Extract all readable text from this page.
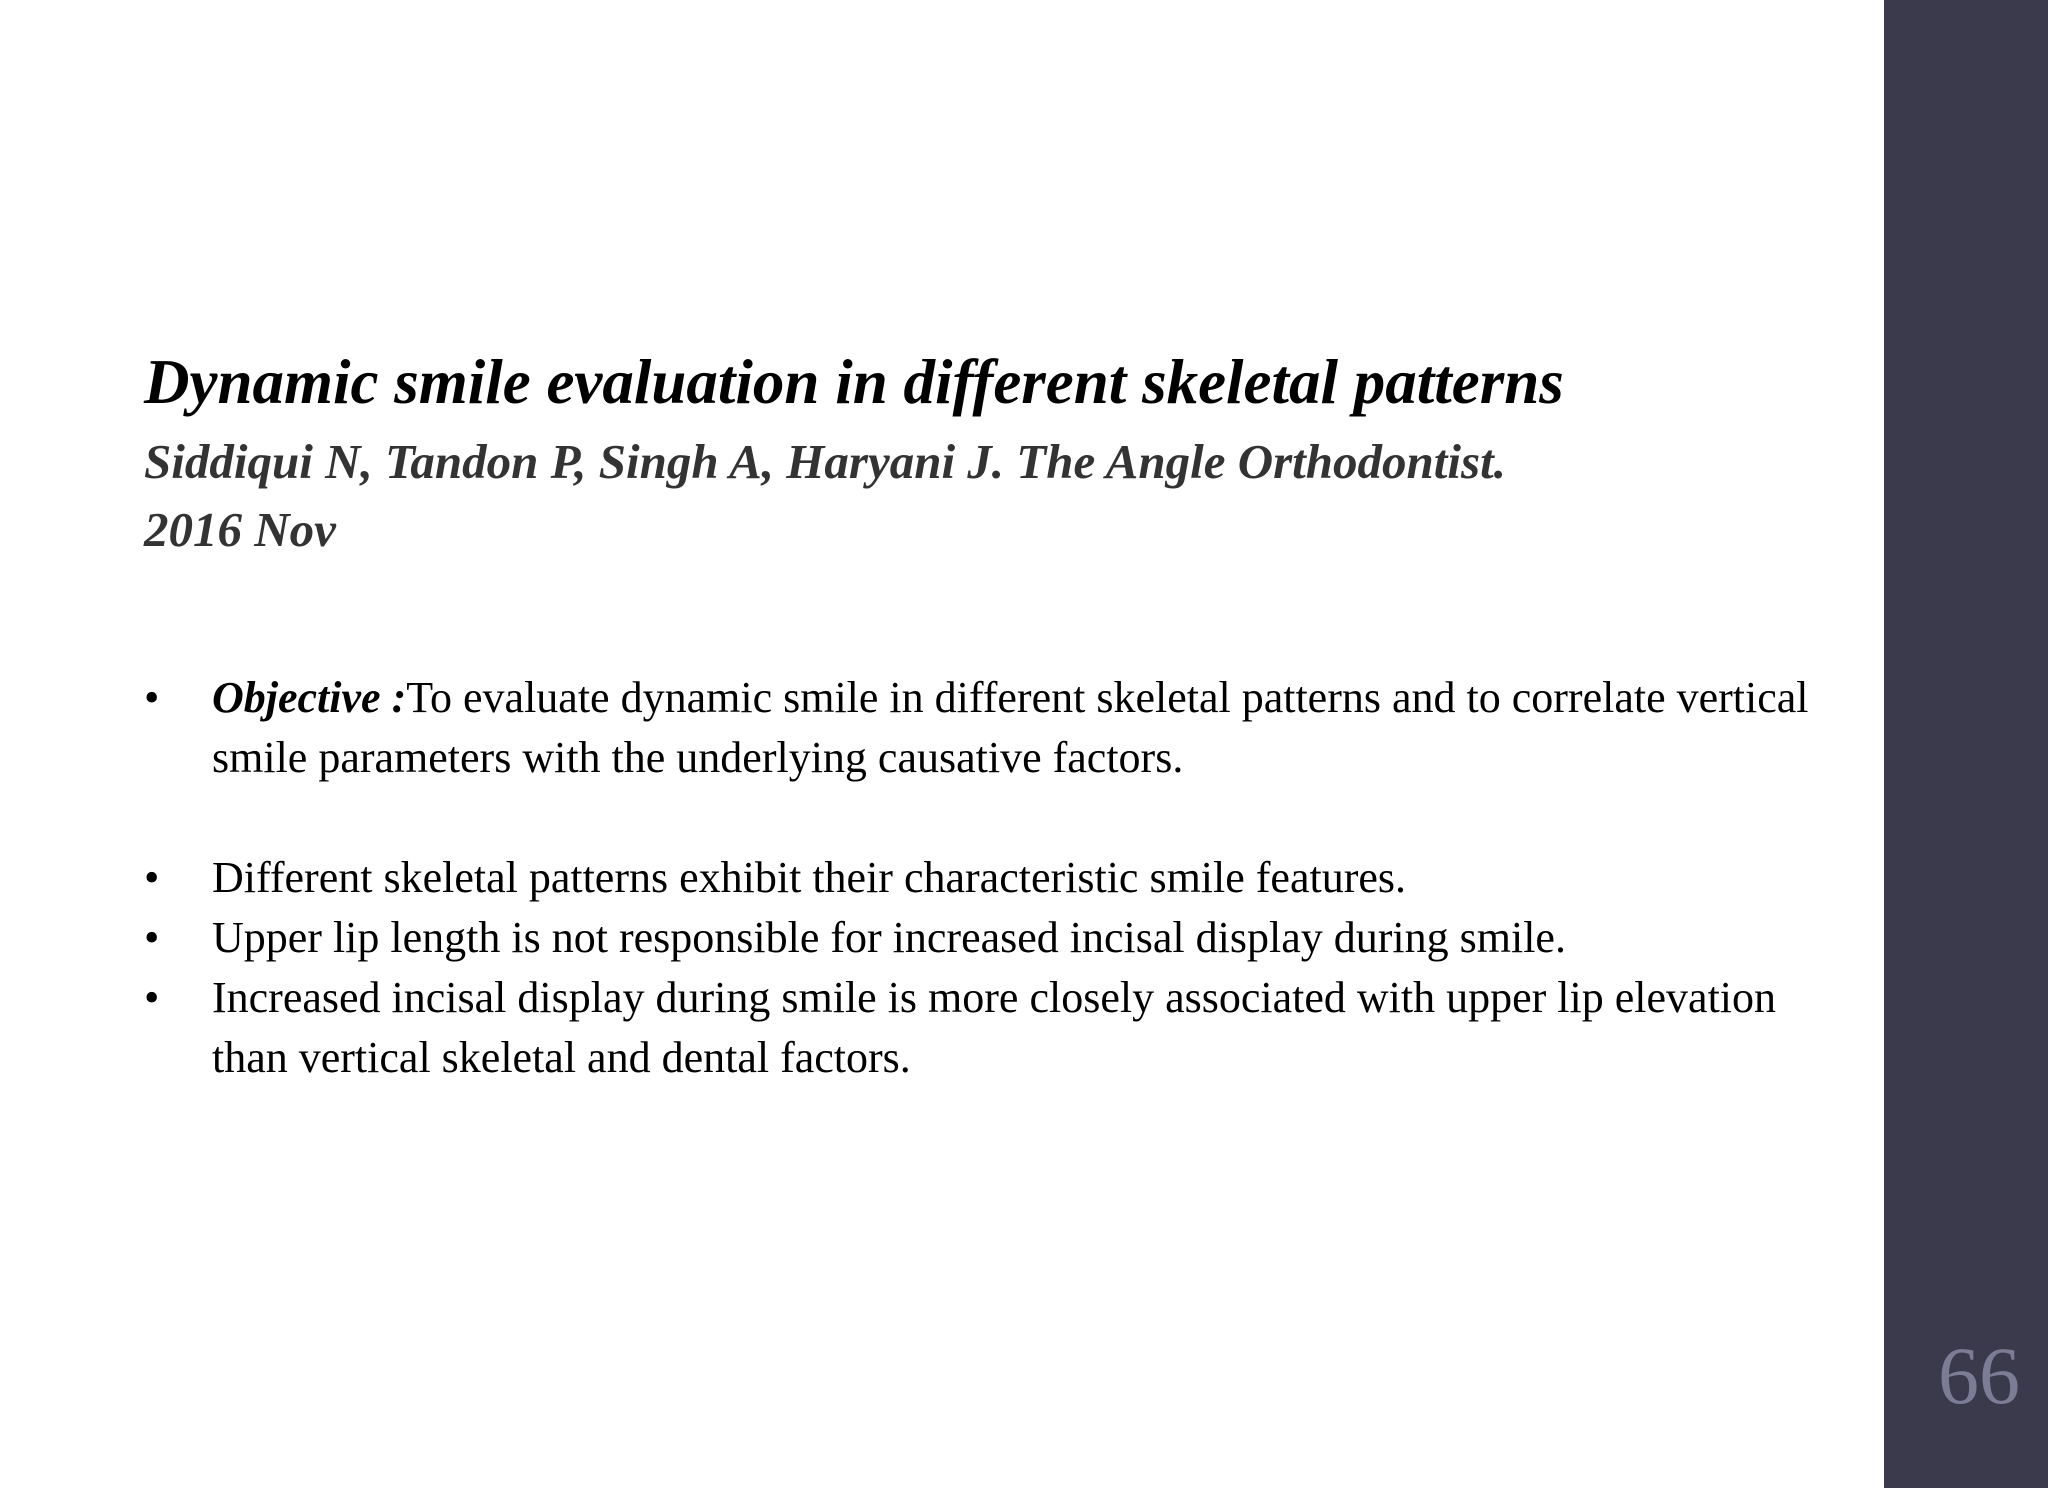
Dynamic smile evaluation in different skeletal patterns
Siddiqui N, Tandon P, Singh A, Haryani J. The Angle Orthodontist.
2016 Nov
• Objective :To evaluate dynamic smile in different skeletal patterns and to correlate vertical smile parameters with the underlying causative factors.
• Different skeletal patterns exhibit their characteristic smile features.
• Upper lip length is not responsible for increased incisal display during smile.
• Increased incisal display during smile is more closely associated with upper lip elevation than vertical skeletal and dental factors.
66
